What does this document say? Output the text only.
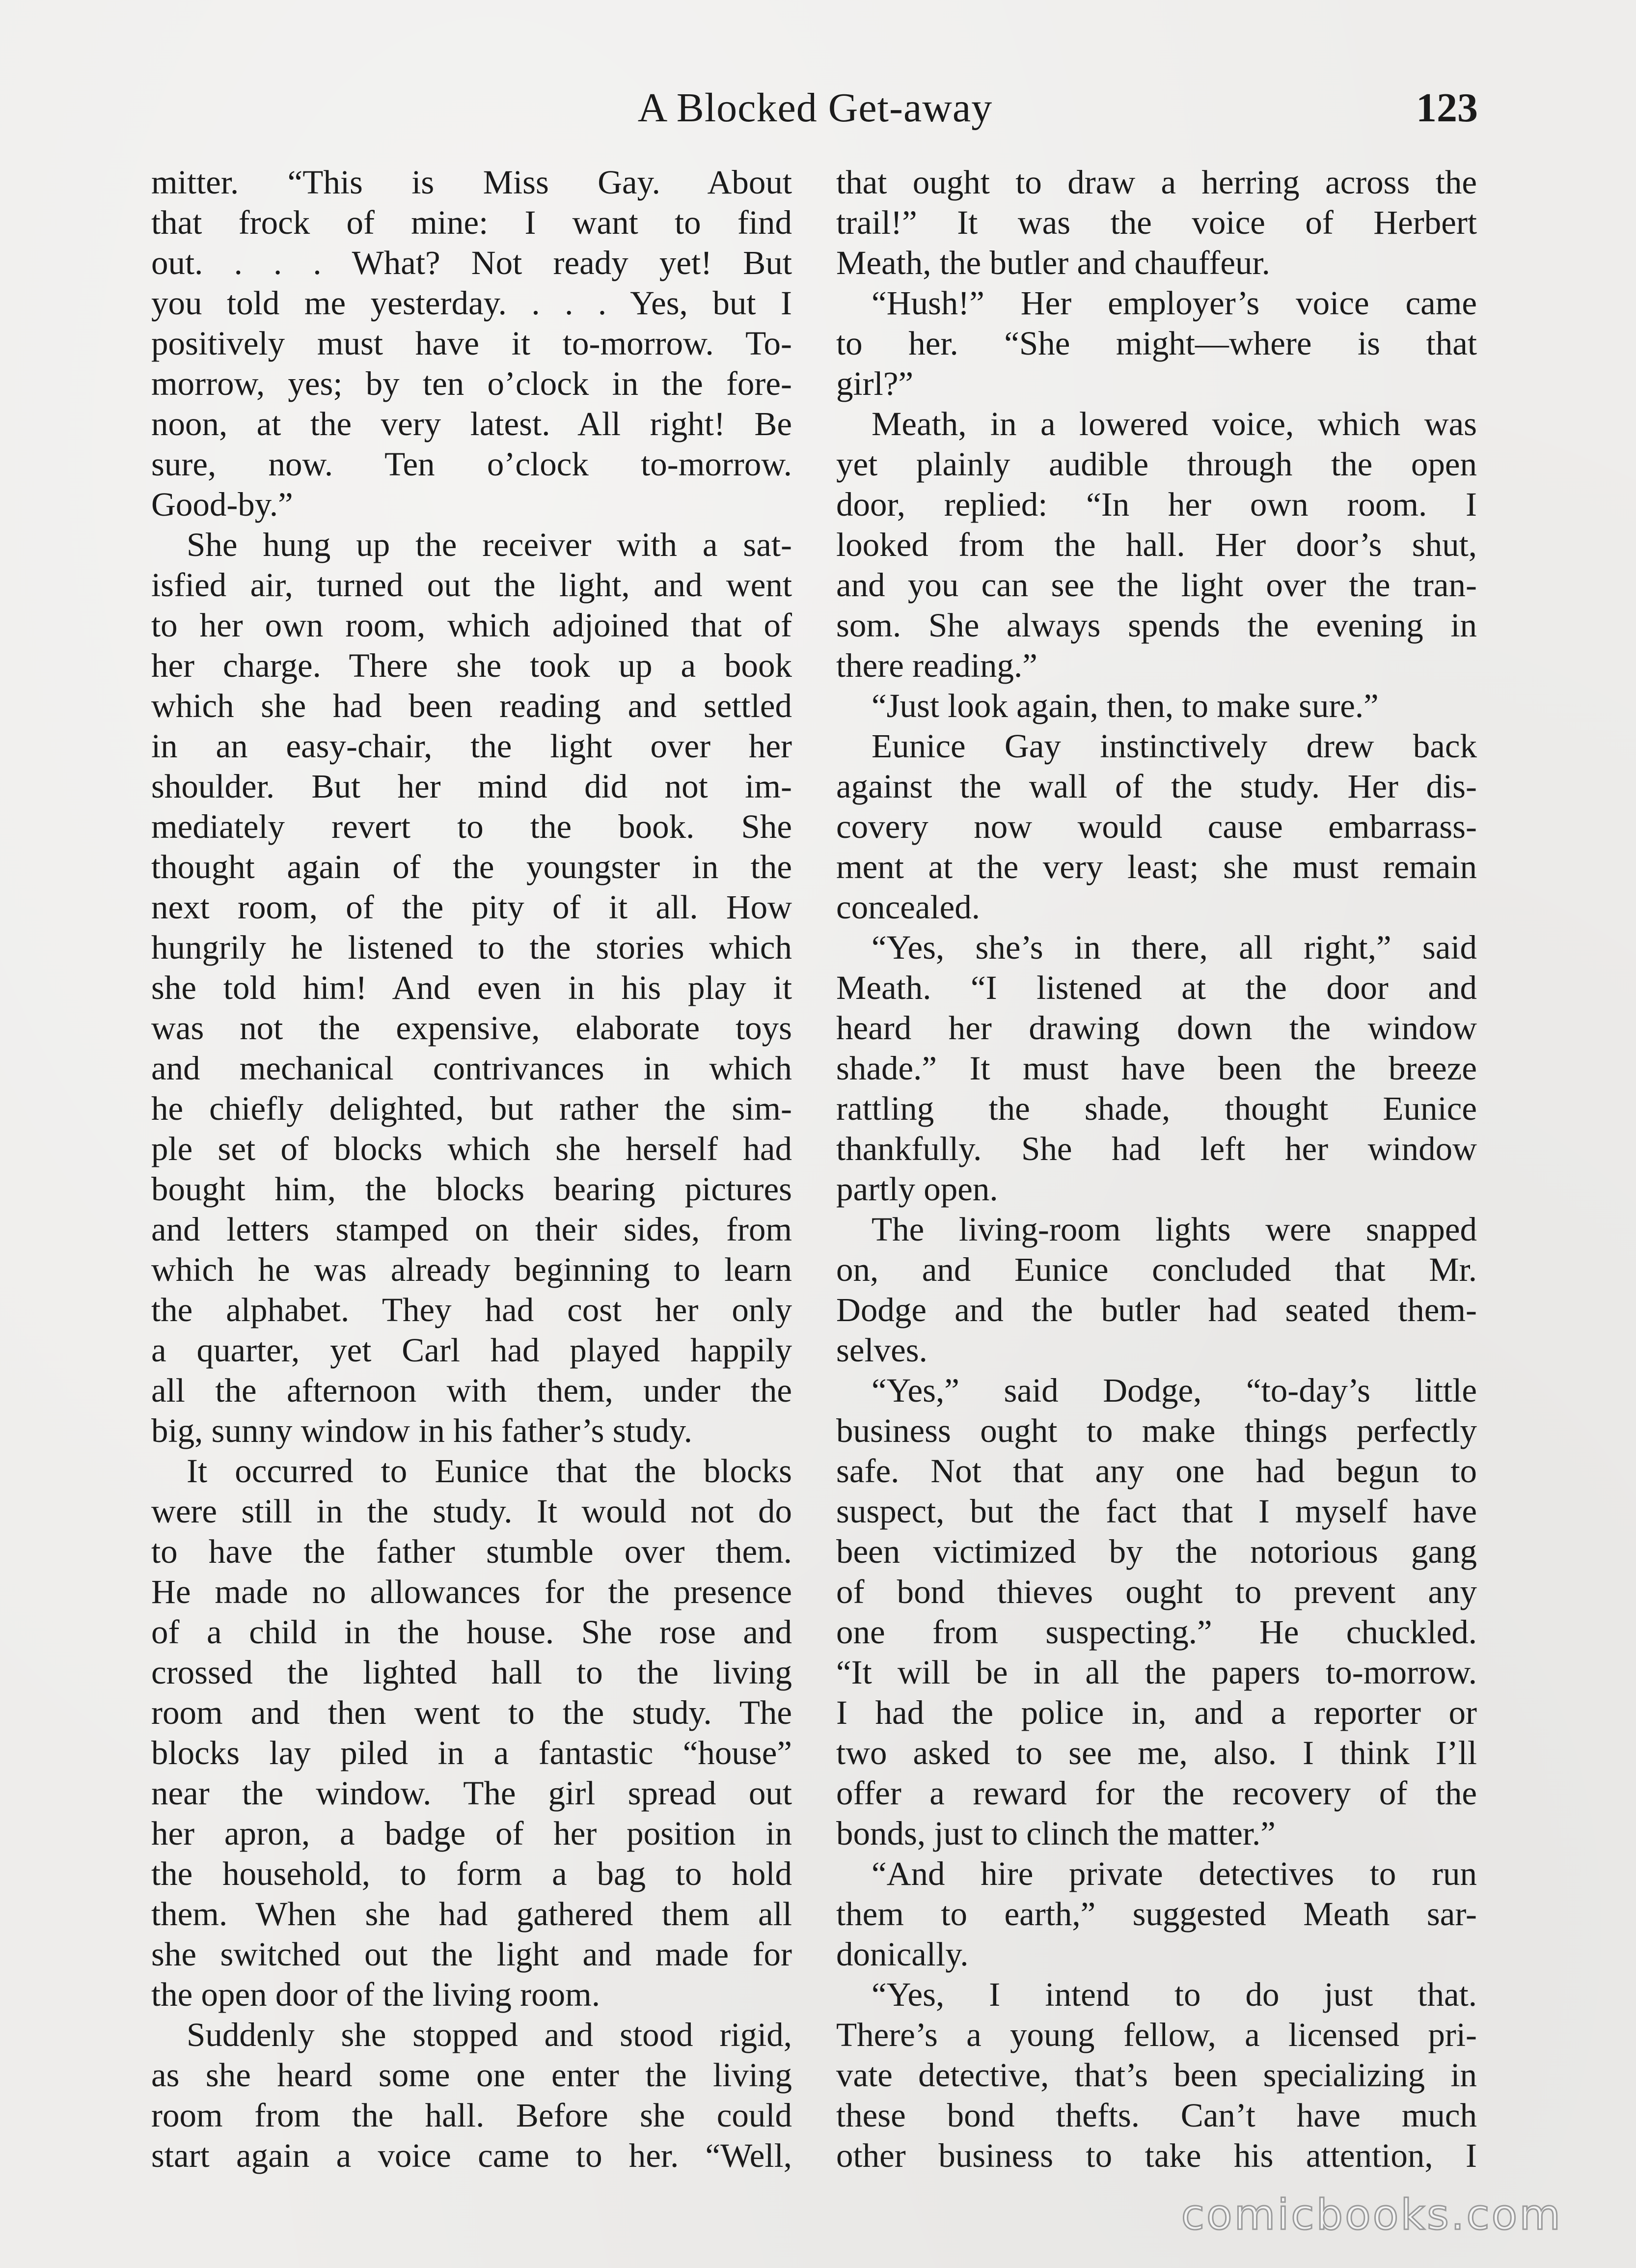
A Blocked Get-away	123
mitter. “This is Miss Gay. About
that frock of mine: I want to find
out. . . . What? Not ready yet! But
you told me yesterday. . . . Yes, but I
positively must have it to-morrow. To-
morrow, yes; by ten o’clock in the fore-
noon, at the very latest. All right! Be
sure, now. Ten o’clock to-morrow.
Good-by.”
She hung up the receiver with a sat-
isfied air, turned out the light, and went
to her own room, which adjoined that of
her charge. There she took up a book
which she had been reading and settled
in an easy-chair, the light over her
shoulder. But her mind did not im-
mediately revert to the book. She
thought again of the youngster in the
next room, of the pity of it all. How
hungrily he listened to the stories which
she told him! And even in his play it
was not the expensive, elaborate toys
and mechanical contrivances in which
he chiefly delighted, but rather the sim-
ple set of blocks which she herself had
bought him, the blocks bearing pictures
and letters stamped on their sides, from
which he was already beginning to learn
the alphabet. They had cost her only
a quarter, yet Carl had played happily
all the afternoon with them, under the
big, sunny window in his father’s study.
It occurred to Eunice that the blocks
were still in the study. It would not do
to have the father stumble over them.
He made no allowances for the presence
of a child in the house. She rose and
crossed the lighted hall to the living
room and then went to the study. The
blocks lay piled in a fantastic “house”
near the window. The girl spread out
her apron, a badge of her position in
the household, to form a bag to hold
them. When she had gathered them all
she switched out the light and made for
the open door of the living room.
Suddenly she stopped and stood rigid,
as she heard some one enter the living
room from the hall. Before she could
start again a voice came to her. “Well,
that ought to draw a herring across the
trail!” It was the voice of Herbert
Meath, the butler and chauffeur.
“Hush!” Her employer’s voice came
to her. “She might—where is that
girl?”
Meath, in a lowered voice, which was
yet plainly audible through the open
door, replied: “In her own room. I
looked from the hall. Her door’s shut,
and you can see the light over the tran-
som. She always spends the evening in
there reading.”
“Just look again, then, to make sure.”
Eunice Gay instinctively drew back
against the wall of the study. Her dis-
covery now would cause embarrass-
ment at the very least; she must remain
concealed.
“Yes, she’s in there, all right,” said
Meath. “I listened at the door and
heard her drawing down the window
shade.” It must have been the breeze
rattling the shade, thought Eunice
thankfully. She had left her window
partly open.
The living-room lights were snapped
on, and Eunice concluded that Mr.
Dodge and the butler had seated them-
selves.
“Yes,” said Dodge, “to-day’s little
business ought to make things perfectly
safe. Not that any one had begun to
suspect, but the fact that I myself have
been victimized by the notorious gang
of bond thieves ought to prevent any
one from suspecting.” He chuckled.
“It will be in all the papers to-morrow.
I had the police in, and a reporter or
two asked to see me, also. I think I’ll
offer a reward for the recovery of the
bonds, just to clinch the matter.”
“And hire private detectives to run
them to earth,” suggested Meath sar-
donically.
“Yes, I intend to do just that.
There’s a young fellow, a licensed pri-
vate detective, that’s been specializing in
these bond thefts. Can’t have much
other business to take his attention, I
comicbooks.com
